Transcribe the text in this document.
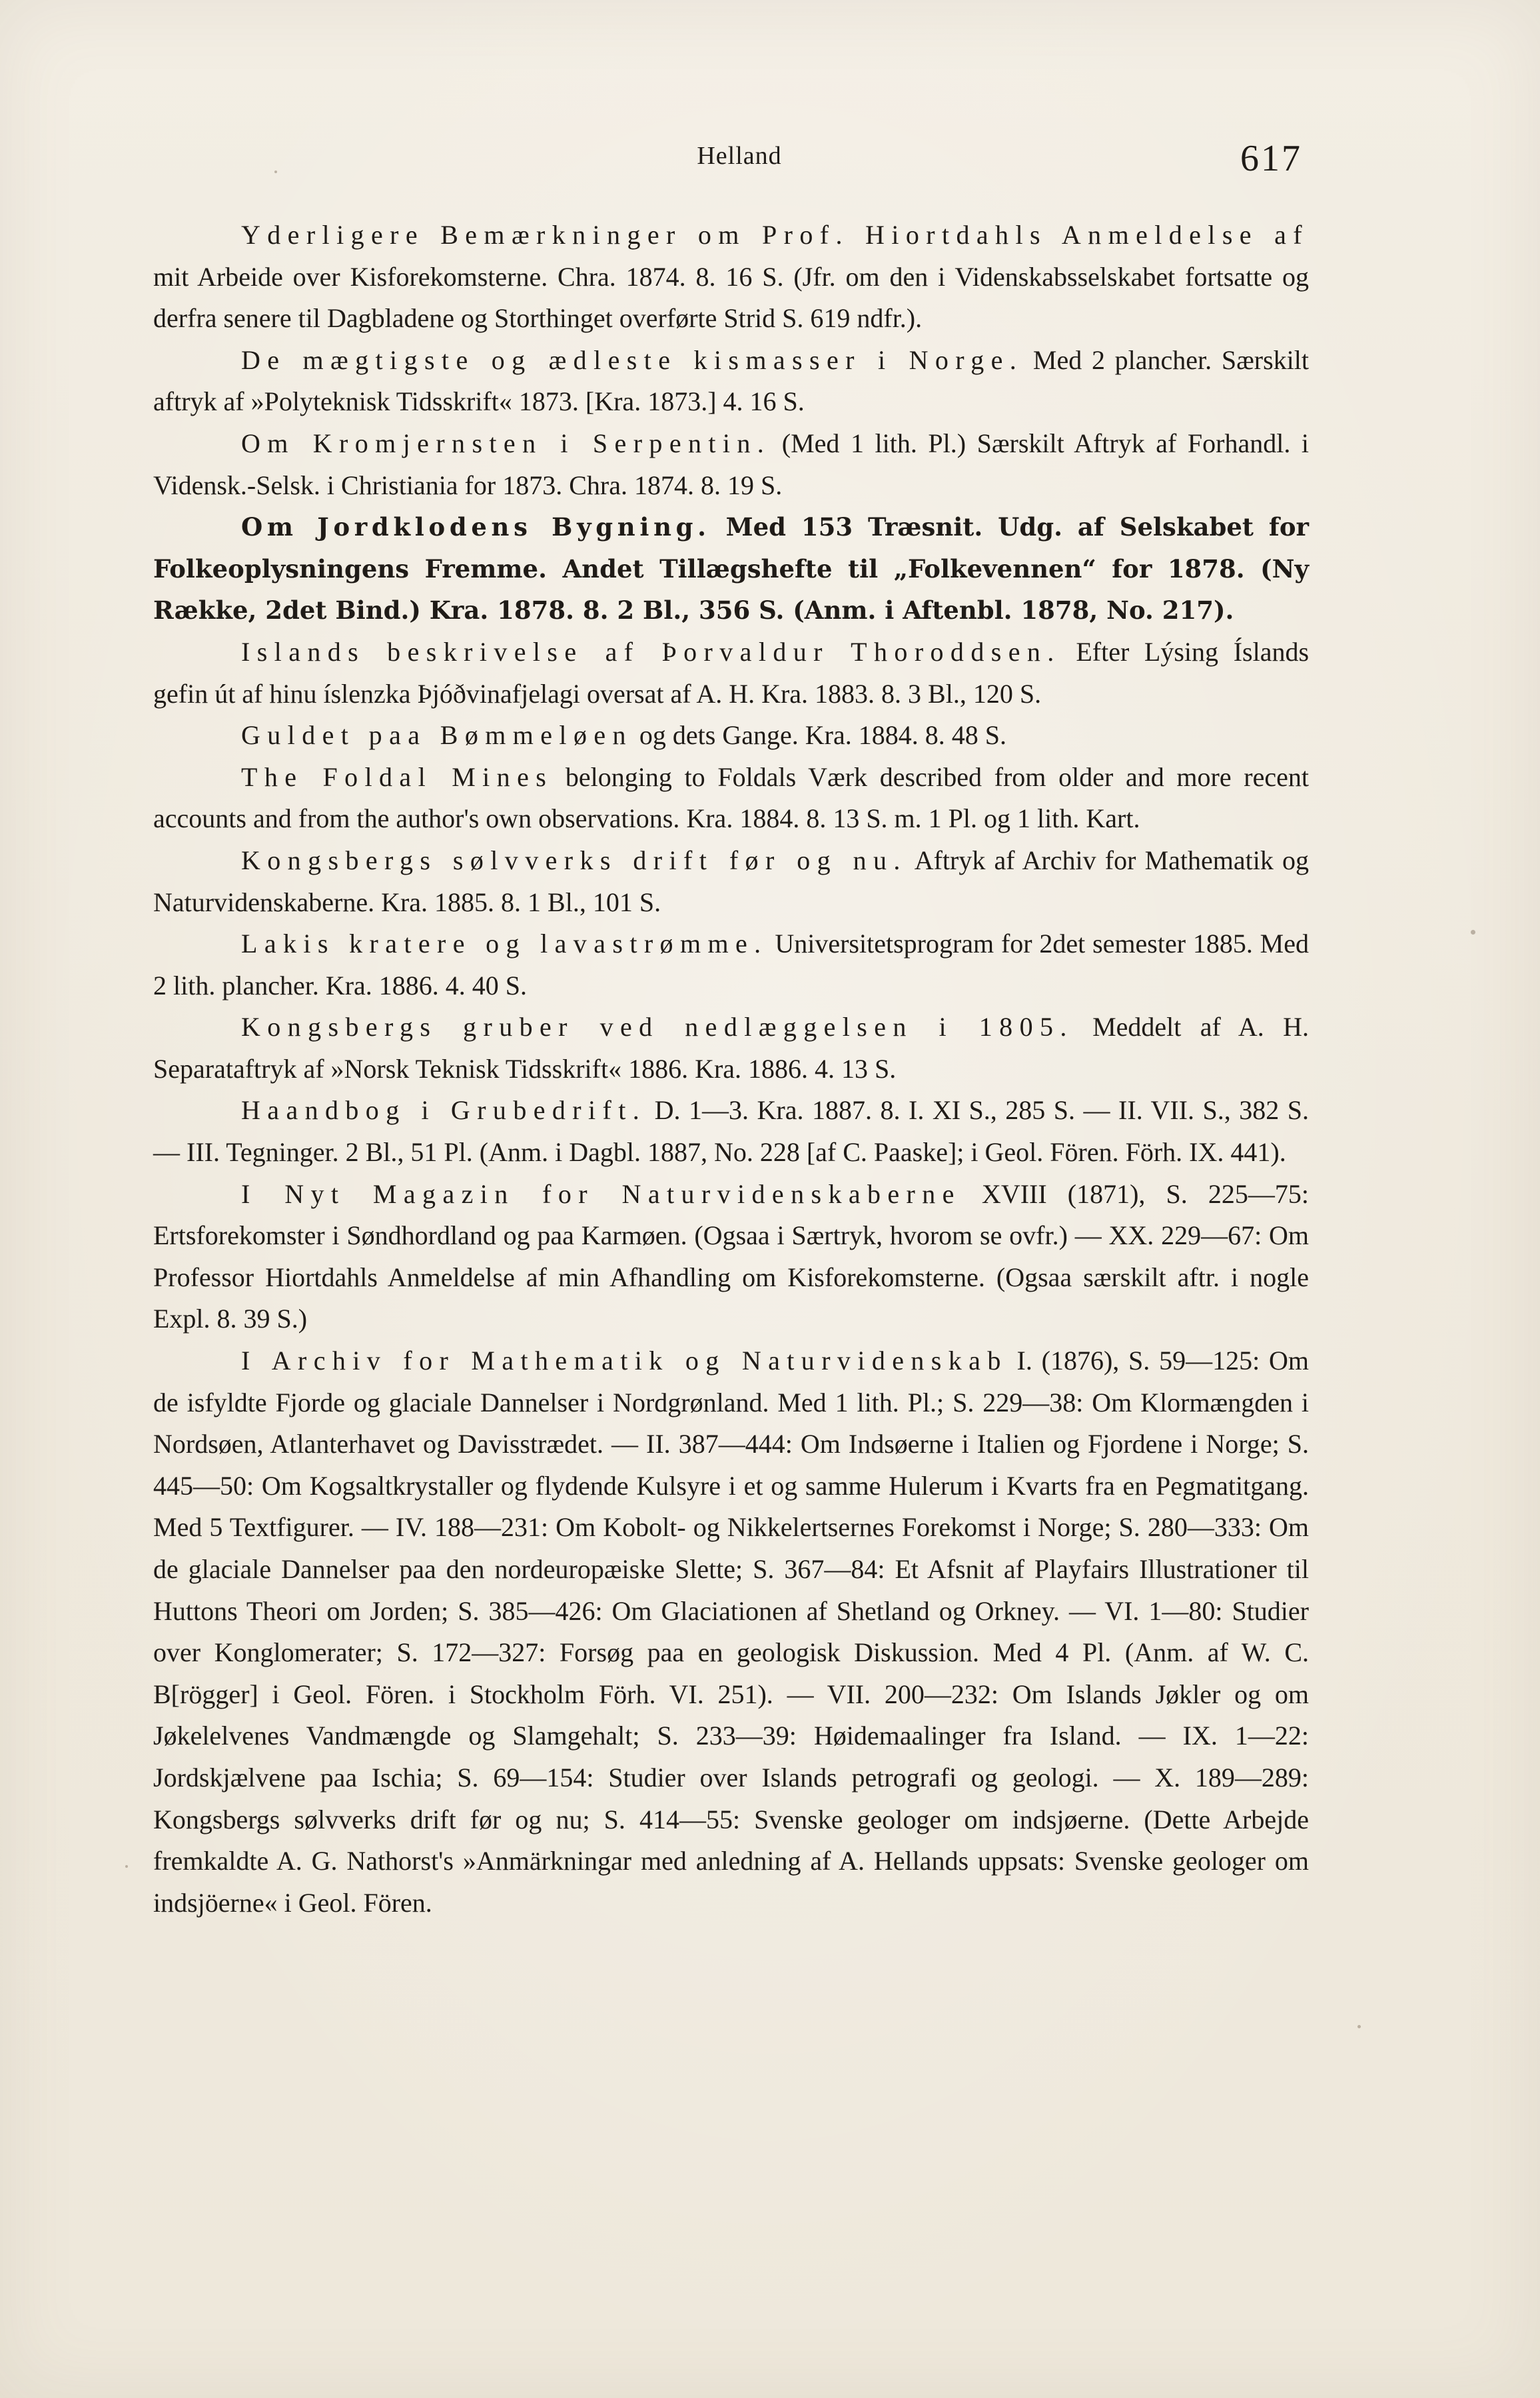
Helland	617

Yderligere Bemærkninger om Prof. Hiortdahls Anmeldelse af mit Arbeide over Kisforekomsterne. Chra. 1874. 8. 16 S. (Jfr. om den i Videnskabsselskabet fortsatte og derfra senere til Dagbladene og Storthinget overførte Strid S. 619 ndfr.).

De mægtigste og ædleste kismasser i Norge. Med 2 plancher. Særskilt aftryk af »Polyteknisk Tidsskrift« 1873. [Kra. 1873.] 4. 16 S.

Om Kromjernsten i Serpentin. (Med 1 lith. Pl.) Særskilt Aftryk af Forhandl. i Vidensk.-Selsk. i Christiania for 1873. Chra. 1874. 8. 19 S.

Om Jordklodens Bygning. Med 153 Træsnit. Udg. af Selskabet for Folkeoplysningens Fremme. Andet Tillægshefte til „Folkevennen“ for 1878. (Ny Række, 2det Bind.) Kra. 1878. 8. 2 Bl., 356 S. (Anm. i Aftenbl. 1878, No. 217).

Islands beskrivelse af Þorvaldur Thoroddsen. Efter Lýsing Íslands gefin út af hinu íslenzka Þjóðvinafjelagi oversat af A. H. Kra. 1883. 8. 3 Bl., 120 S.

Guldet paa Bømmeløen og dets Gange. Kra. 1884. 8. 48 S.

The Foldal Mines belonging to Foldals Værk described from older and more recent accounts and from the author's own observations. Kra. 1884. 8. 13 S. m. 1 Pl. og 1 lith. Kart.

Kongsbergs sølvverks drift før og nu. Aftryk af Archiv for Mathematik og Naturvidenskaberne. Kra. 1885. 8. 1 Bl., 101 S.

Lakis kratere og lavastrømme. Universitetsprogram for 2det semester 1885. Med 2 lith. plancher. Kra. 1886. 4. 40 S.

Kongsbergs gruber ved nedlæggelsen i 1805. Meddelt af A. H. Separataftryk af »Norsk Teknisk Tidsskrift« 1886. Kra. 1886. 4. 13 S.

Haandbog i Grubedrift. D. 1—3. Kra. 1887. 8. I. XI S., 285 S. — II. VII. S., 382 S. — III. Tegninger. 2 Bl., 51 Pl. (Anm. i Dagbl. 1887, No. 228 [af C. Paaske]; i Geol. Fören. Förh. IX. 441).

I Nyt Magazin for Naturvidenskaberne XVIII (1871), S. 225—75: Ertsforekomster i Søndhordland og paa Karmøen. (Ogsaa i Særtryk, hvorom se ovfr.) — XX. 229—67: Om Professor Hiortdahls Anmeldelse af min Afhandling om Kisforekomsterne. (Ogsaa særskilt aftr. i nogle Expl. 8. 39 S.)

I Archiv for Mathematik og Naturvidenskab I. (1876), S. 59—125: Om de isfyldte Fjorde og glaciale Dannelser i Nordgrønland. Med 1 lith. Pl.; S. 229—38: Om Klormængden i Nordsøen, Atlanterhavet og Davisstrædet. — II. 387—444: Om Indsøerne i Italien og Fjordene i Norge; S. 445—50: Om Kogsaltkrystaller og flydende Kulsyre i et og samme Hulerum i Kvarts fra en Pegmatitgang. Med 5 Textfigurer. — IV. 188—231: Om Kobolt- og Nikkelertsernes Forekomst i Norge; S. 280—333: Om de glaciale Dannelser paa den nordeuropæiske Slette; S. 367—84: Et Afsnit af Playfairs Illustrationer til Huttons Theori om Jorden; S. 385—426: Om Glaciationen af Shetland og Orkney. — VI. 1—80: Studier over Konglomerater; S. 172—327: Forsøg paa en geologisk Diskussion. Med 4 Pl. (Anm. af W. C. B[rögger] i Geol. Fören. i Stockholm Förh. VI. 251). — VII. 200—232: Om Islands Jøkler og om Jøkelelvenes Vandmængde og Slamgehalt; S. 233—39: Høidemaalinger fra Island. — IX. 1—22: Jordskjælvene paa Ischia; S. 69—154: Studier over Islands petrografi og geologi. — X. 189—289: Kongsbergs sølvverks drift før og nu; S. 414—55: Svenske geologer om indsjøerne. (Dette Arbejde fremkaldte A. G. Nathorst's »Anmärkningar med anledning af A. Hellands uppsats: Svenske geologer om indsjöerne« i Geol. Fören.
